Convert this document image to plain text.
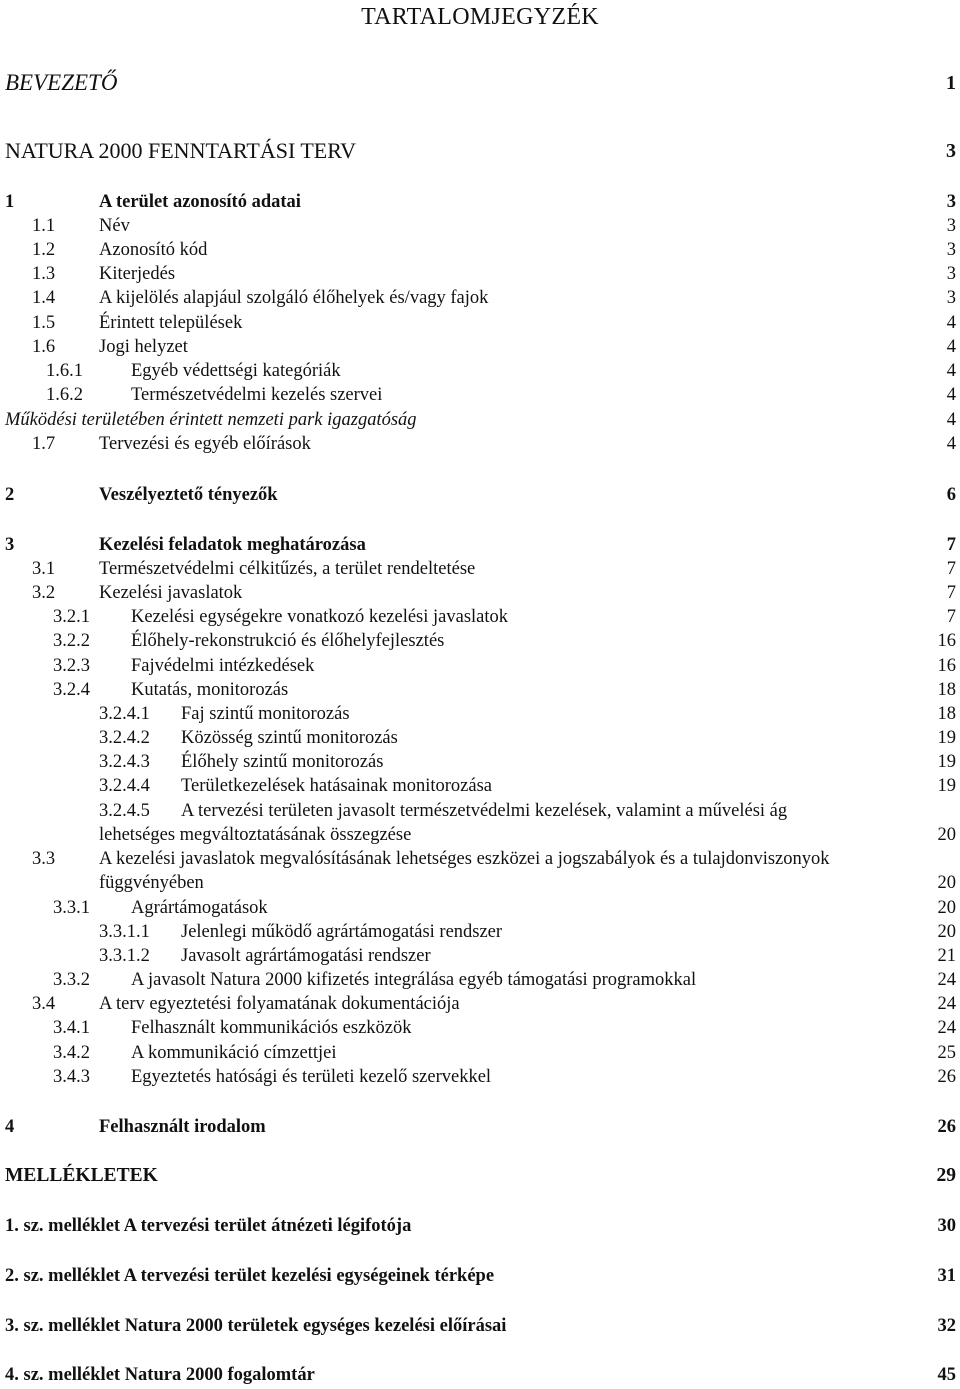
TARTALOMJEGYZÉK
BEVEZETŐ	1
NATURA 2000 FENNTARTÁSI TERV	3
1	A terület azonosító adatai	3
1.1 Név	3
1.2 Azonosító kód	3
1.3 Kiterjedés	3
1.4 A kijelölés alapjául szolgáló élőhelyek és/vagy fajok	3
1.5 Érintett települések	4
1.6 Jogi helyzet	4
1.6.1	Egyéb védettségi kategóriák	4
1.6.2	Természetvédelmi kezelés szervei	4
Működési területében érintett nemzeti park igazgatóság	4
1.7 Tervezési és egyéb előírások	4
2	Veszélyeztető tényezők	6
3	Kezelési feladatok meghatározása	7
3.1 Természetvédelmi célkitűzés, a terület rendeltetése	7
3.2 Kezelési javaslatok	7
3.2.1 Kezelési egységekre vonatkozó kezelési javaslatok	7
3.2.2 Élőhely-rekonstrukció és élőhelyfejlesztés	16
3.2.3 Fajvédelmi intézkedések	16
3.2.4 Kutatás, monitorozás	18
3.2.4.1 Faj szintű monitorozás	18
3.2.4.2 Közösség szintű monitorozás	19
3.2.4.3 Élőhely szintű monitorozás	19
3.2.4.4 Területkezelések hatásainak monitorozása	19
3.2.4.5 A tervezési területen javasolt természetvédelmi kezelések, valamint a művelési ág
lehetséges megváltoztatásának összegzése	20
3.3 A kezelési javaslatok megvalósításának lehetséges eszközei a jogszabályok és a tulajdonviszonyok
függvényében	20
3.3.1 Agrártámogatások	20
3.3.1.1 Jelenlegi működő agrártámogatási rendszer	20
3.3.1.2 Javasolt agrártámogatási rendszer	21
3.3.2 A javasolt Natura 2000 kifizetés integrálása egyéb támogatási programokkal	24
3.4 A terv egyeztetési folyamatának dokumentációja	24
3.4.1 Felhasznált kommunikációs eszközök	24
3.4.2 A kommunikáció címzettjei	25
3.4.3 Egyeztetés hatósági és területi kezelő szervekkel	26
4	Felhasznált irodalom	26
MELLÉKLETEK	29
1. sz. melléklet A tervezési terület átnézeti légifotója	30
2. sz. melléklet A tervezési terület kezelési egységeinek térképe	31
3. sz. melléklet Natura 2000 területek egységes kezelési előírásai	32
4. sz. melléklet Natura 2000 fogalomtár	45
